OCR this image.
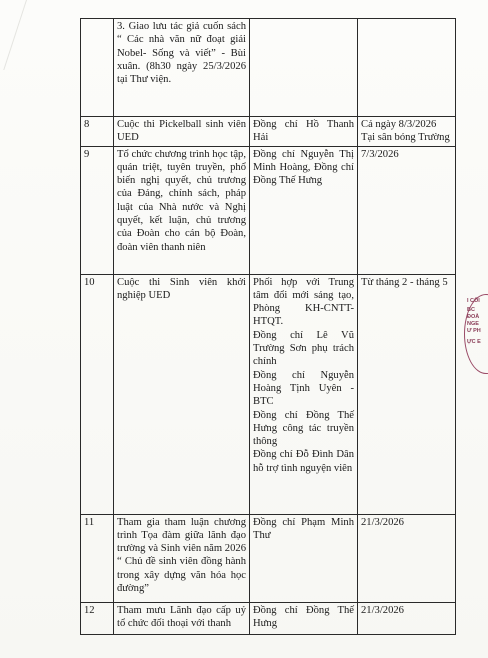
	3. Giao lưu tác giả cuốn sách “ Các nhà văn nữ đoạt giải Nobel- Sống và viết” - Bùi xuân. (8h30 ngày 25/3/2026 tại Thư viện.		
8	Cuộc thi Pickelball sinh viên UED	Đồng chí Hồ Thanh Hải	Cả ngày 8/3/2026
Tại sân bóng Trường
9	Tổ chức chương trình học tập, quán triệt, tuyên truyền, phổ biến nghị quyết, chủ trương của Đảng, chính sách, pháp luật của Nhà nước và Nghị quyết, kết luận, chủ trương của Đoàn cho cán bộ Đoàn, đoàn viên thanh niên	Đồng chí Nguyễn Thị Minh Hoàng, Đồng chí Đồng Thế Hưng	7/3/2026
10	Cuộc thi Sinh viên khởi nghiệp UED	Phối hợp với Trung tâm đổi mới sáng tạo, Phòng KH-CNTT-HTQT.
Đồng chí Lê Vũ Trường Sơn phụ trách chính
Đồng chí Nguyễn Hoàng Tịnh Uyên - BTC
Đồng chí Đồng Thế Hưng công tác truyền thông
Đồng chí Đỗ Đình Dân hỗ trợ tình nguyện viên	Từ tháng 2 - tháng 5
11	Tham gia tham luận chương trình Tọa đàm giữa lãnh đạo trường và Sinh viên năm 2026 “ Chủ đề sinh viên đồng hành trong xây dựng văn hóa học đường”	Đồng chí Phạm Minh Thư	21/3/2026
12	Tham mưu Lãnh đạo cấp uỷ tổ chức đối thoại với thanh	Đồng chí Đồng Thế Hưng	21/3/2026
I CÔI
BC
ĐOÀ
NGE
Ư PH
ỰC E
